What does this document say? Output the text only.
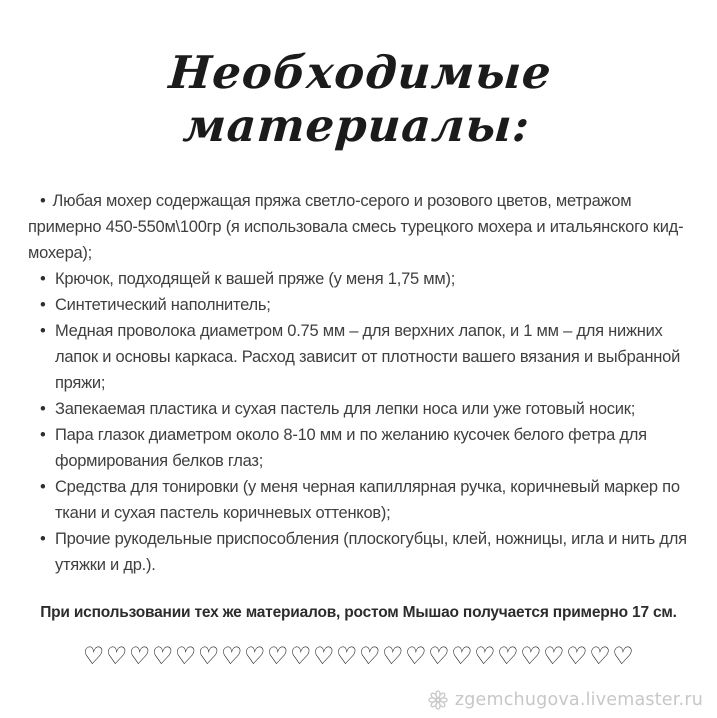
Необходимые материалы:
• Любая мохер содержащая пряжа светло-серого и розового цветов, метражом примерно 450-550м\100гр (я использовала смесь турецкого мохера и итальянского кид-мохера);
• Крючок, подходящей к вашей пряже (у меня 1,75 мм);
• Синтетический наполнитель;
• Медная проволока диаметром 0.75 мм – для верхних лапок, и 1 мм – для нижних лапок и основы каркаса. Расход зависит от плотности вашего вязания и выбранной пряжи;
• Запекаемая пластика и сухая пастель для лепки носа или уже готовый носик;
• Пара глазок диаметром около 8-10 мм и по желанию кусочек белого фетра для формирования белков глаз;
• Средства для тонировки (у меня черная капиллярная ручка, коричневый маркер по ткани и сухая пастель коричневых оттенков);
• Прочие рукодельные приспособления (плоскогубцы, клей, ножницы, игла и нить для утяжки и др.).

При использовании тех же материалов, ростом Мышао получается примерно 17 см.

♡♡♡♡♡♡♡♡♡♡♡♡♡♡♡♡♡♡♡♡♡♡♡♡
zgemchugova.livemaster.ru
